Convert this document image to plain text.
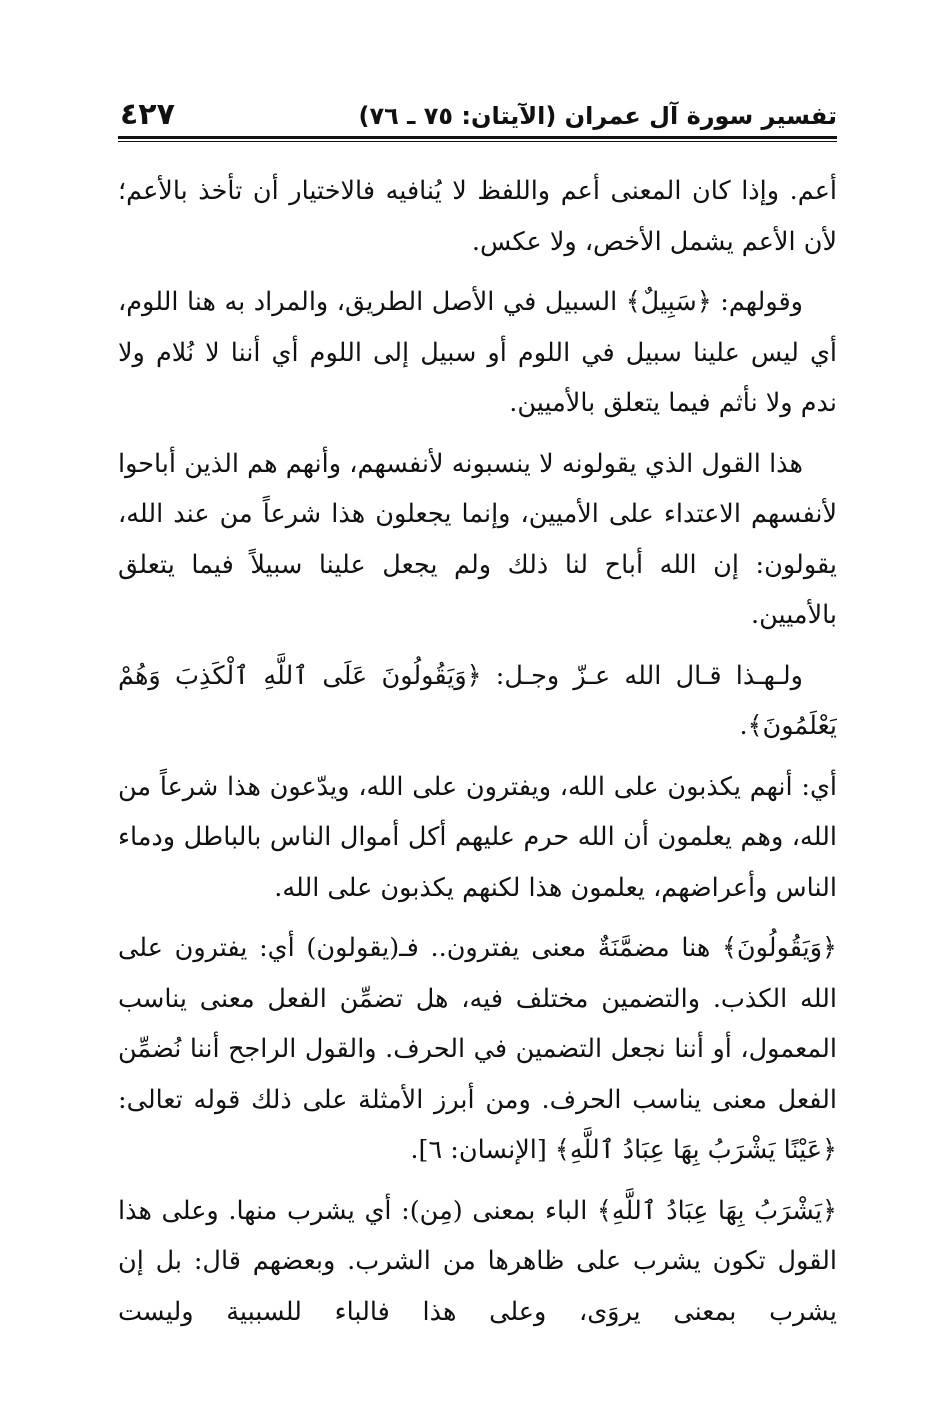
تفسير سورة آل عمران (الآيتان: ٧٥ ـ ٧٦)
٤٢٧

أعم. وإذا كان المعنى أعم واللفظ لا يُنافيه فالاختيار أن تأخذ بالأعم؛ لأن الأعم يشمل الأخص، ولا عكس.

وقولهم: ﴿سَبِيلٌ﴾ السبيل في الأصل الطريق، والمراد به هنا اللوم، أي ليس علينا سبيل في اللوم أو سبيل إلى اللوم أي أننا لا نُلام ولا ندم ولا نأثم فيما يتعلق بالأميين.

هذا القول الذي يقولونه لا ينسبونه لأنفسهم، وأنهم هم الذين أباحوا لأنفسهم الاعتداء على الأميين، وإنما يجعلون هذا شرعاً من عند الله، يقولون: إن الله أباح لنا ذلك ولم يجعل علينا سبيلاً فيما يتعلق بالأميين.

ولـهـذا قـال الله عـزّ وجـل: ﴿وَيَقُولُونَ عَلَى ٱللَّهِ ٱلْكَذِبَ وَهُمْ يَعْلَمُونَ﴾.

أي: أنهم يكذبون على الله، ويفترون على الله، ويدّعون هذا شرعاً من الله، وهم يعلمون أن الله حرم عليهم أكل أموال الناس بالباطل ودماء الناس وأعراضهم، يعلمون هذا لكنهم يكذبون على الله.

﴿وَيَقُولُونَ﴾ هنا مضمَّنَةٌ معنى يفترون.. فـ(يقولون) أي: يفترون على الله الكذب. والتضمين مختلف فيه، هل تضمِّن الفعل معنى يناسب المعمول، أو أننا نجعل التضمين في الحرف. والقول الراجح أننا نُضمِّن الفعل معنى يناسب الحرف. ومن أبرز الأمثلة على ذلك قوله تعالى: ﴿عَيْنًا يَشْرَبُ بِهَا عِبَادُ ٱللَّهِ﴾ [الإنسان: ٦].

﴿يَشْرَبُ بِهَا عِبَادُ ٱللَّهِ﴾ الباء بمعنى (مِن): أي يشرب منها. وعلى هذا القول تكون يشرب على ظاهرها من الشرب. وبعضهم قال: بل إن يشرب بمعنى يروَى، وعلى هذا فالباء للسببية وليست
